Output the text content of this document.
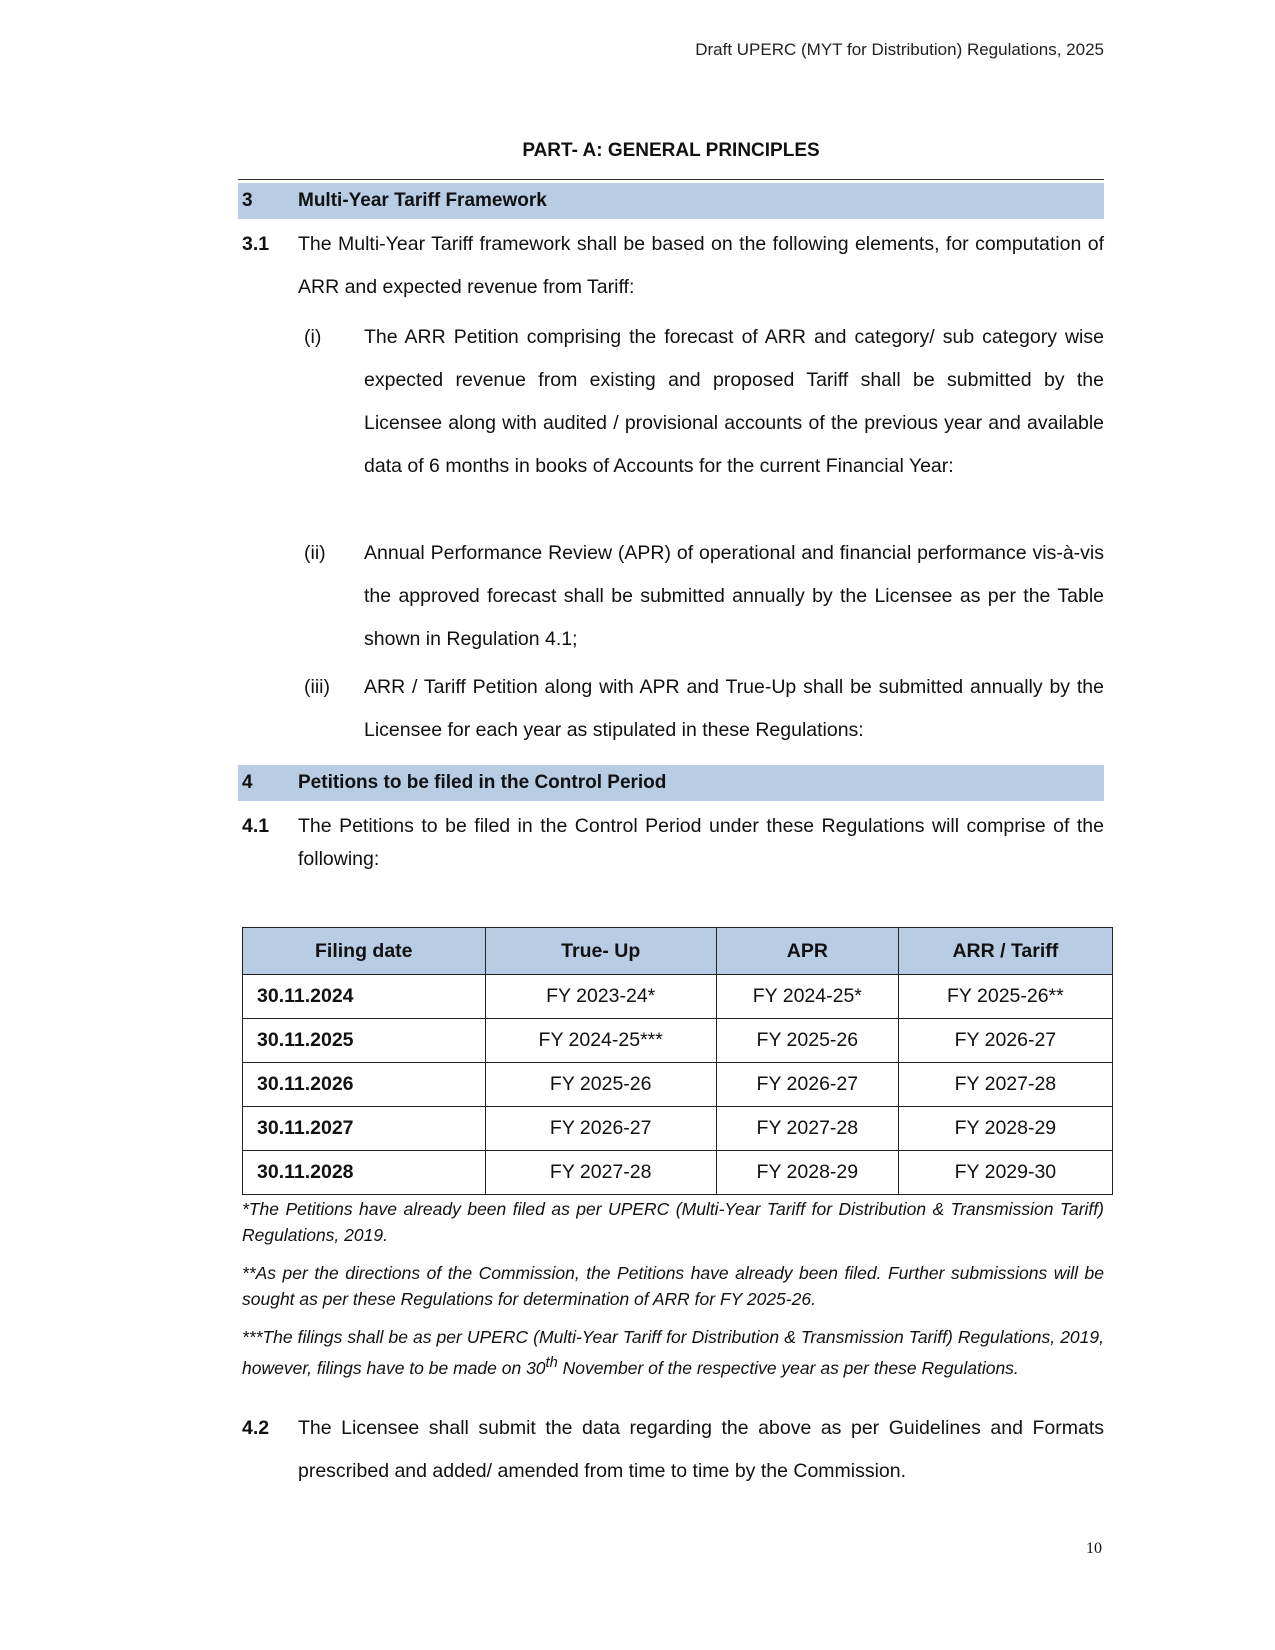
Draft UPERC (MYT for Distribution) Regulations, 2025
PART- A: GENERAL PRINCIPLES
3 Multi-Year Tariff Framework
3.1 The Multi-Year Tariff framework shall be based on the following elements, for computation of ARR and expected revenue from Tariff:
(i) The ARR Petition comprising the forecast of ARR and category/ sub category wise expected revenue from existing and proposed Tariff shall be submitted by the Licensee along with audited / provisional accounts of the previous year and available data of 6 months in books of Accounts for the current Financial Year:
(ii) Annual Performance Review (APR) of operational and financial performance vis-à-vis the approved forecast shall be submitted annually by the Licensee as per the Table shown in Regulation 4.1;
(iii) ARR / Tariff Petition along with APR and True-Up shall be submitted annually by the Licensee for each year as stipulated in these Regulations:
4 Petitions to be filed in the Control Period
4.1 The Petitions to be filed in the Control Period under these Regulations will comprise of the following:
Filing date	True- Up	APR	ARR / Tariff
30.11.2024	FY 2023-24*	FY 2024-25*	FY 2025-26**
30.11.2025	FY 2024-25***	FY 2025-26	FY 2026-27
30.11.2026	FY 2025-26	FY 2026-27	FY 2027-28
30.11.2027	FY 2026-27	FY 2027-28	FY 2028-29
30.11.2028	FY 2027-28	FY 2028-29	FY 2029-30

*The Petitions have already been filed as per UPERC (Multi-Year Tariff for Distribution & Transmission Tariff) Regulations, 2019.

**As per the directions of the Commission, the Petitions have already been filed. Further submissions will be sought as per these Regulations for determination of ARR for FY 2025-26.

***The filings shall be as per UPERC (Multi-Year Tariff for Distribution & Transmission Tariff) Regulations, 2019, however, filings have to be made on 30th November of the respective year as per these Regulations.

4.2 The Licensee shall submit the data regarding the above as per Guidelines and Formats prescribed and added/ amended from time to time by the Commission.
10
